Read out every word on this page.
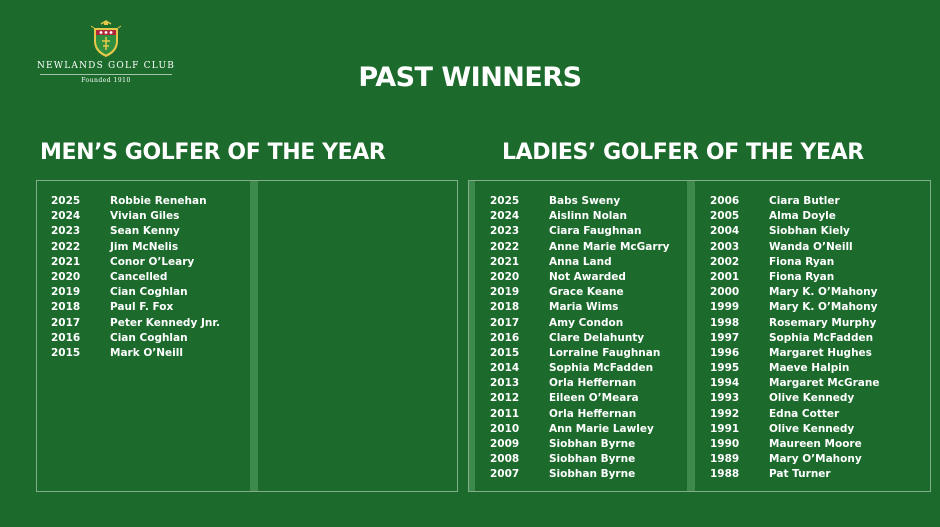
NEWLANDS GOLF CLUB
Founded 1910	PAST WINNERS
MEN’S GOLFER OF THE YEAR	LADIES’ GOLFER OF THE YEAR
2025	Robbie Renehan
2024	Vivian Giles
2023	Sean Kenny
2022	Jim McNelis
2021	Conor O’Leary
2020	Cancelled
2019	Cian Coghlan
2018	Paul F. Fox
2017	Peter Kennedy Jnr.
2016	Cian Coghlan
2015	Mark O’Neill
2025	Babs Sweny
2024	Aislinn Nolan
2023	Ciara Faughnan
2022	Anne Marie McGarry
2021	Anna Land
2020	Not Awarded
2019	Grace Keane
2018	Maria Wims
2017	Amy Condon
2016	Clare Delahunty
2015	Lorraine Faughnan
2014	Sophia McFadden
2013	Orla Heffernan
2012	Eileen O’Meara
2011	Orla Heffernan
2010	Ann Marie Lawley
2009	Siobhan Byrne
2008	Siobhan Byrne
2007	Siobhan Byrne
2006	Ciara Butler
2005	Alma Doyle
2004	Siobhan Kiely
2003	Wanda O’Neill
2002	Fiona Ryan
2001	Fiona Ryan
2000	Mary K. O’Mahony
1999	Mary K. O’Mahony
1998	Rosemary Murphy
1997	Sophia McFadden
1996	Margaret Hughes
1995	Maeve Halpin
1994	Margaret McGrane
1993	Olive Kennedy
1992	Edna Cotter
1991	Olive Kennedy
1990	Maureen Moore
1989	Mary O’Mahony
1988	Pat Turner
